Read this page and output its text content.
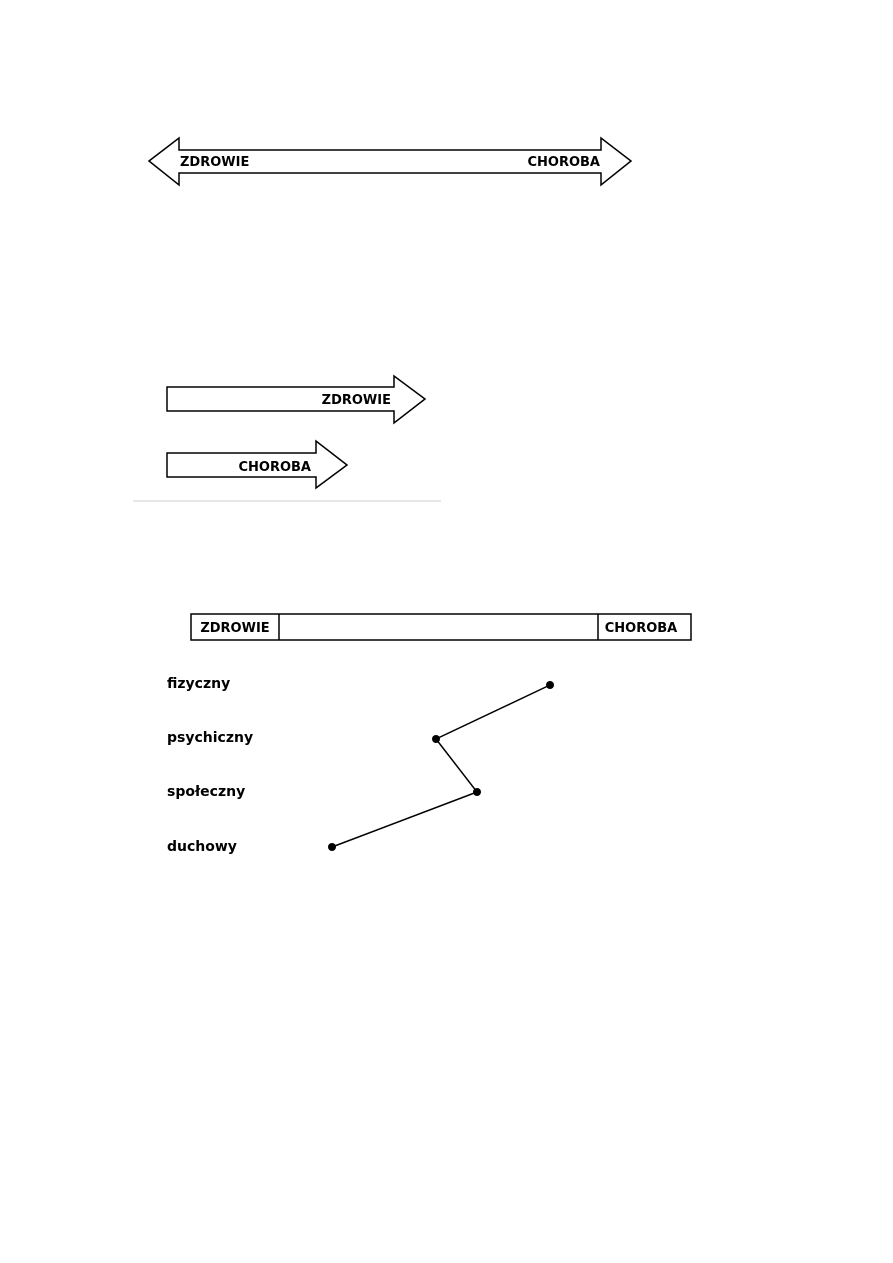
ZDROWIE	CHOROBA
ZDROWIE
CHOROBA
ZDROWIE	CHOROBA
fizyczny
psychiczny
społeczny
duchowy
